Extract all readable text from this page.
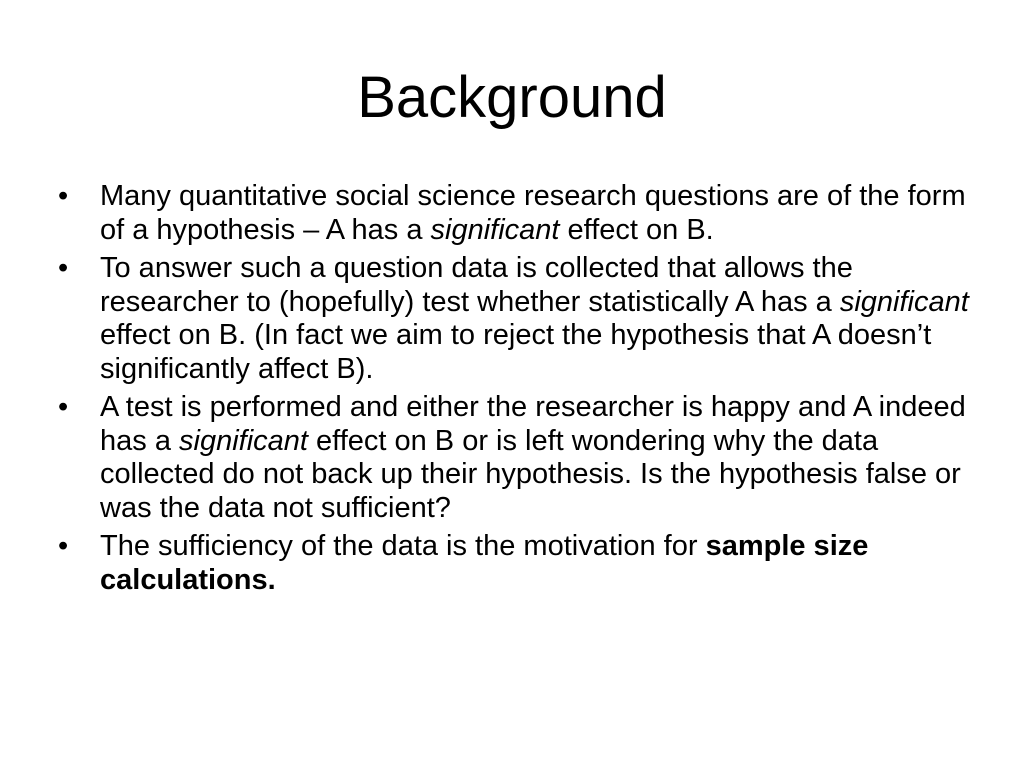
Background
• Many quantitative social science research questions are of the form of a hypothesis – A has a significant effect on B.
• To answer such a question data is collected that allows the researcher to (hopefully) test whether statistically A has a significant effect on B. (In fact we aim to reject the hypothesis that A doesn’t significantly affect B).
• A test is performed and either the researcher is happy and A indeed has a significant effect on B or is left wondering why the data collected do not back up their hypothesis. Is the hypothesis false or was the data not sufficient?
• The sufficiency of the data is the motivation for sample size calculations.
